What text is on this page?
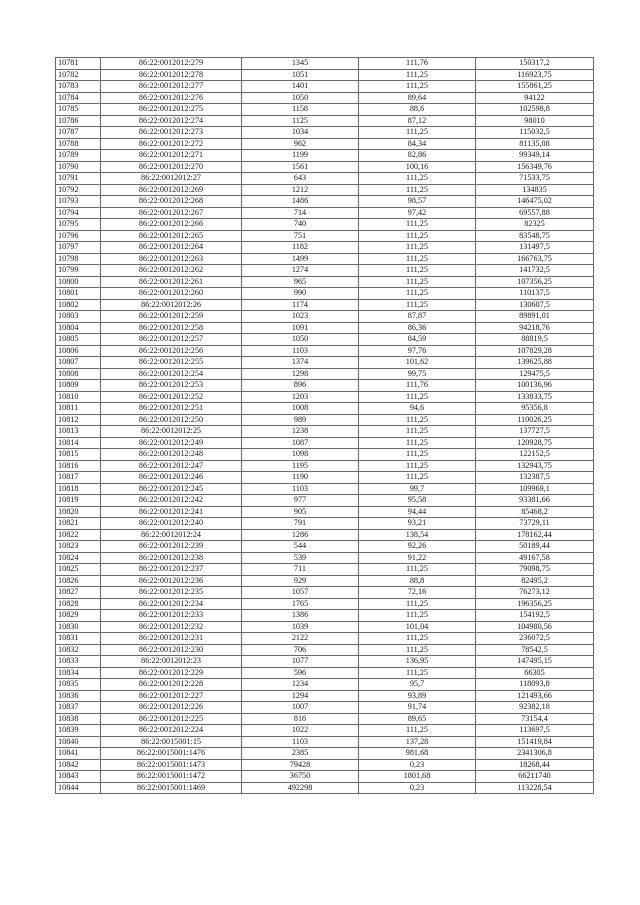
10781	86:22:0012012:279	1345	111,76	150317,2
10782	86:22:0012012:278	1051	111,25	116923,75
10783	86:22:0012012:277	1401	111,25	155861,25
10784	86:22:0012012:276	1050	89,64	94122
10785	86:22:0012012:275	1158	88,6	102598,8
10786	86:22:0012012:274	1125	87,12	98010
10787	86:22:0012012:273	1034	111,25	115032,5
10788	86:22:0012012:272	962	84,34	81135,08
10789	86:22:0012012:271	1199	82,86	99349,14
10790	86:22:0012012:270	1561	100,16	156349,76
10791	86:22:0012012:27	643	111,25	71533,75
10792	86:22:0012012:269	1212	111,25	134835
10793	86:22:0012012:268	1486	98,57	146475,02
10794	86:22:0012012:267	714	97,42	69557,88
10795	86:22:0012012:266	740	111,25	82325
10796	86:22:0012012:265	751	111,25	83548,75
10797	86:22:0012012:264	1182	111,25	131497,5
10798	86:22:0012012:263	1499	111,25	166763,75
10799	86:22:0012012:262	1274	111,25	141732,5
10800	86:22:0012012:261	965	111,25	107356,25
10801	86:22:0012012:260	990	111,25	110137,5
10802	86:22:0012012:26	1174	111,25	130607,5
10803	86:22:0012012:259	1023	87,87	89891,01
10804	86:22:0012012:258	1091	86,36	94218,76
10805	86:22:0012012:257	1050	84,59	88819,5
10806	86:22:0012012:256	1103	97,76	107829,28
10807	86:22:0012012:255	1374	101,62	139625,88
10808	86:22:0012012:254	1298	99,75	129475,5
10809	86:22:0012012:253	896	111,76	100136,96
10810	86:22:0012012:252	1203	111,25	133833,75
10811	86:22:0012012:251	1008	94,6	95356,8
10812	86:22:0012012:250	989	111,25	110026,25
10813	86:22:0012012:25	1238	111,25	137727,5
10814	86:22:0012012:249	1087	111,25	120928,75
10815	86:22:0012012:248	1098	111,25	122152,5
10816	86:22:0012012:247	1195	111,25	132943,75
10817	86:22:0012012:246	1190	111,25	132387,5
10818	86:22:0012012:245	1103	99,7	109969,1
10819	86:22:0012012:242	977	95,58	93381,66
10820	86:22:0012012:241	905	94,44	85468,2
10821	86:22:0012012:240	791	93,21	73729,11
10822	86:22:0012012:24	1286	138,54	178162,44
10823	86:22:0012012:239	544	92,26	50189,44
10824	86:22:0012012:238	539	91,22	49167,58
10825	86:22:0012012:237	711	111,25	79098,75
10826	86:22:0012012:236	929	88,8	82495,2
10827	86:22:0012012:235	1057	72,16	76273,12
10828	86:22:0012012:234	1765	111,25	196356,25
10829	86:22:0012012:233	1386	111,25	154192,5
10830	86:22:0012012:232	1039	101,04	104980,56
10831	86:22:0012012:231	2122	111,25	236072,5
10832	86:22:0012012:230	706	111,25	78542,5
10833	86:22:0012012:23	1077	136,95	147495,15
10834	86:22:0012012:229	596	111,25	66305
10835	86:22:0012012:228	1234	95,7	118093,8
10836	86:22:0012012:227	1294	93,89	121493,66
10837	86:22:0012012:226	1007	91,74	92382,18
10838	86:22:0012012:225	816	89,65	73154,4
10839	86:22:0012012:224	1022	111,25	113697,5
10840	86:22:0015001:15	1103	137,28	151419,84
10841	86:22:0015001:1476	2385	981,68	2341306,8
10842	86:22:0015001:1473	79428	0,23	18268,44
10843	86:22:0015001:1472	36750	1801,68	66211740
10844	86:22:0015001:1469	492298	0,23	113228,54
